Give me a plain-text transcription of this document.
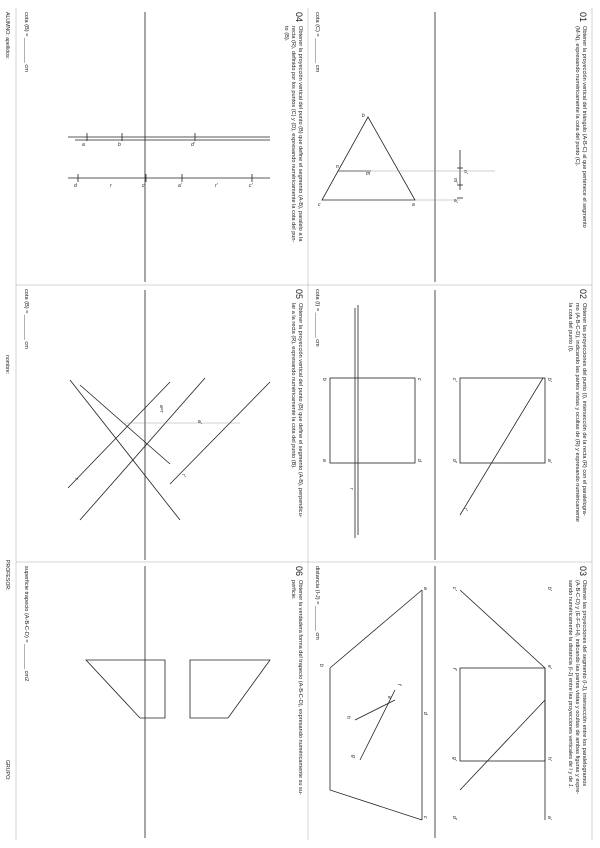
01
Obtener la proyección vertical del triángulo (A-B-C) al que pertenece el segmento
(M-N), expresando numéricamente la cota del punto (C).
cota (C) = ________ cm
n'
m'
a'
02
Obtener las proyecciones del punto (I), intersección de la recta (R) con el paralelogra-
mo (A-B-C-D), indicando las partes vistas y ocultas de (R) y expresando numéricamente
la cota del punto (I).
cota (I) = ________ cm
b'
c'
a'
d'
r'
c
b
d
a
r
03
Obtener las proyecciones del segmento (I-J), intersección entre los paralelogramos
(A-B-C-D) y (E-F-G-H), indicando las partes vistas y ocultas de ambas figuras y expre-
sando numéricamente la distancia (I-J) entre las proyecciones verticales de I y de J.
distancia (I-J) = ________ cm	b'
e'
h'
a'
c'
f'
g'
d'
a
d
c
b
f
e
g
h
04
Obtener la proyección vertical del punto (B) que define el segmento (A-B), paralelo a la
recta (R), definido por los puntos (C) y (D), expresando numéricamente la cota del pun-
to (B).
cota (B) = ________ cm
05
Obtener la proyección vertical del punto (B) que define el segmento (A-B), perpendicu-
lar a la recta (R), expresando numéricamente la cota del punto (B).
cota (B) = ________ cm
a'
a=r
r
r'
06
Obtener la verdadera forma del trapecio (A-B-C-D), expresando numéricamente su su-
perficie.
superficie trapecio (A-B-C-D) = ________ cm2
ALUMNO: apellidos:
nombre:
PROFESOR:
GRUPO:
b
c	a
n
m
a	b	d'
d	r	c	a'	r'	c'
